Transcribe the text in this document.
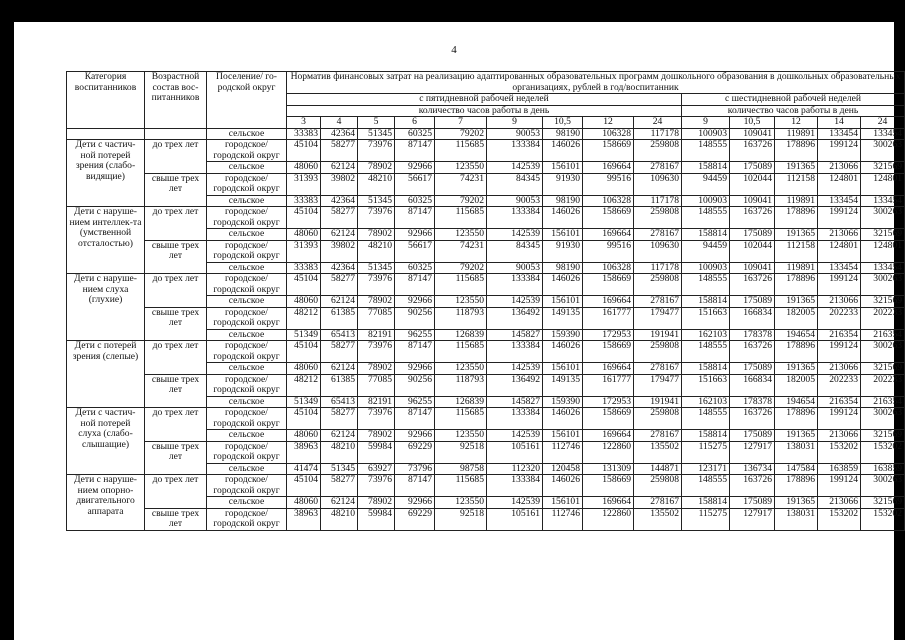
4
Категория воспитанников	Возрастной состав вос-питанников	Поселение/ го-родской округ	Норматив финансовых затрат на реализацию адаптированных образовательных программ дошкольного образования в дошкольных образовательных организациях, рублей в год/воспитанник													
			с пятидневной рабочей неделей									с шестидневной рабочей неделей				
			количество часов работы в день									количество часов работы в день				
			3	4	5	6	7	9	10,5	12	24	9	10,5	12	14	24
		сельское	33383	42364	51345	60325	79202	90053	98190	106328	117178	100903	109041	119891	133454	133454
Дети с частич-ной потерей зрения (слабо-видящие)	до трех лет	городское/ городской округ	45104	58277	73976	87147	115685	133384	146026	158669	259808	148555	163726	178896	199124	300263
		сельское	48060	62124	78902	92966	123550	142539	156101	169664	278167	158814	175089	191365	213066	321569
	свыше трех лет	городское/ городской округ	31393	39802	48210	56617	74231	84345	91930	99516	109630	94459	102044	112158	124801	124801
		сельское	33383	42364	51345	60325	79202	90053	98190	106328	117178	100903	109041	119891	133454	133454
Дети с наруше-нием интеллек-та (умственной отсталостью)	до трех лет	городское/ городской округ	45104	58277	73976	87147	115685	133384	146026	158669	259808	148555	163726	178896	199124	300263
		сельское	48060	62124	78902	92966	123550	142539	156101	169664	278167	158814	175089	191365	213066	321569
	свыше трех лет	городское/ городской округ	31393	39802	48210	56617	74231	84345	91930	99516	109630	94459	102044	112158	124801	124801
		сельское	33383	42364	51345	60325	79202	90053	98190	106328	117178	100903	109041	119891	133454	133454
Дети с наруше-нием слуха (глухие)	до трех лет	городское/ городской округ	45104	58277	73976	87147	115685	133384	146026	158669	259808	148555	163726	178896	199124	300263
		сельское	48060	62124	78902	92966	123550	142539	156101	169664	278167	158814	175089	191365	213066	321569
	свыше трех лет	городское/ городской округ	48212	61385	77085	90256	118793	136492	149135	161777	179477	151663	166834	182005	202233	202233
		сельское	51349	65413	82191	96255	126839	145827	159390	172953	191941	162103	178378	194654	216354	216354
Дети с потерей зрения (слепые)	до трех лет	городское/ городской округ	45104	58277	73976	87147	115685	133384	146026	158669	259808	148555	163726	178896	199124	300263
		сельское	48060	62124	78902	92966	123550	142539	156101	169664	278167	158814	175089	191365	213066	321569
	свыше трех лет	городское/ городской округ	48212	61385	77085	90256	118793	136492	149135	161777	179477	151663	166834	182005	202233	202233
		сельское	51349	65413	82191	96255	126839	145827	159390	172953	191941	162103	178378	194654	216354	216354
Дети с частич-ной потерей слуха (слабо-слышащие)	до трех лет	городское/ городской округ	45104	58277	73976	87147	115685	133384	146026	158669	259808	148555	163726	178896	199124	300263
		сельское	48060	62124	78902	92966	123550	142539	156101	169664	278167	158814	175089	191365	213066	321569
	свыше трех лет	городское/ городской округ	38963	48210	59984	69229	92518	105161	112746	122860	135502	115275	127917	138031	153202	153202
		сельское	41474	51345	63927	73796	98758	112320	120458	131309	144871	123171	136734	147584	163859	163859
Дети с наруше-нием опорно-двигательного аппарата	до трех лет	городское/ городской округ	45104	58277	73976	87147	115685	133384	146026	158669	259808	148555	163726	178896	199124	300263
		сельское	48060	62124	78902	92966	123550	142539	156101	169664	278167	158814	175089	191365	213066	321569
	свыше трех лет	городское/ городской округ	38963	48210	59984	69229	92518	105161	112746	122860	135502	115275	127917	138031	153202	153202
